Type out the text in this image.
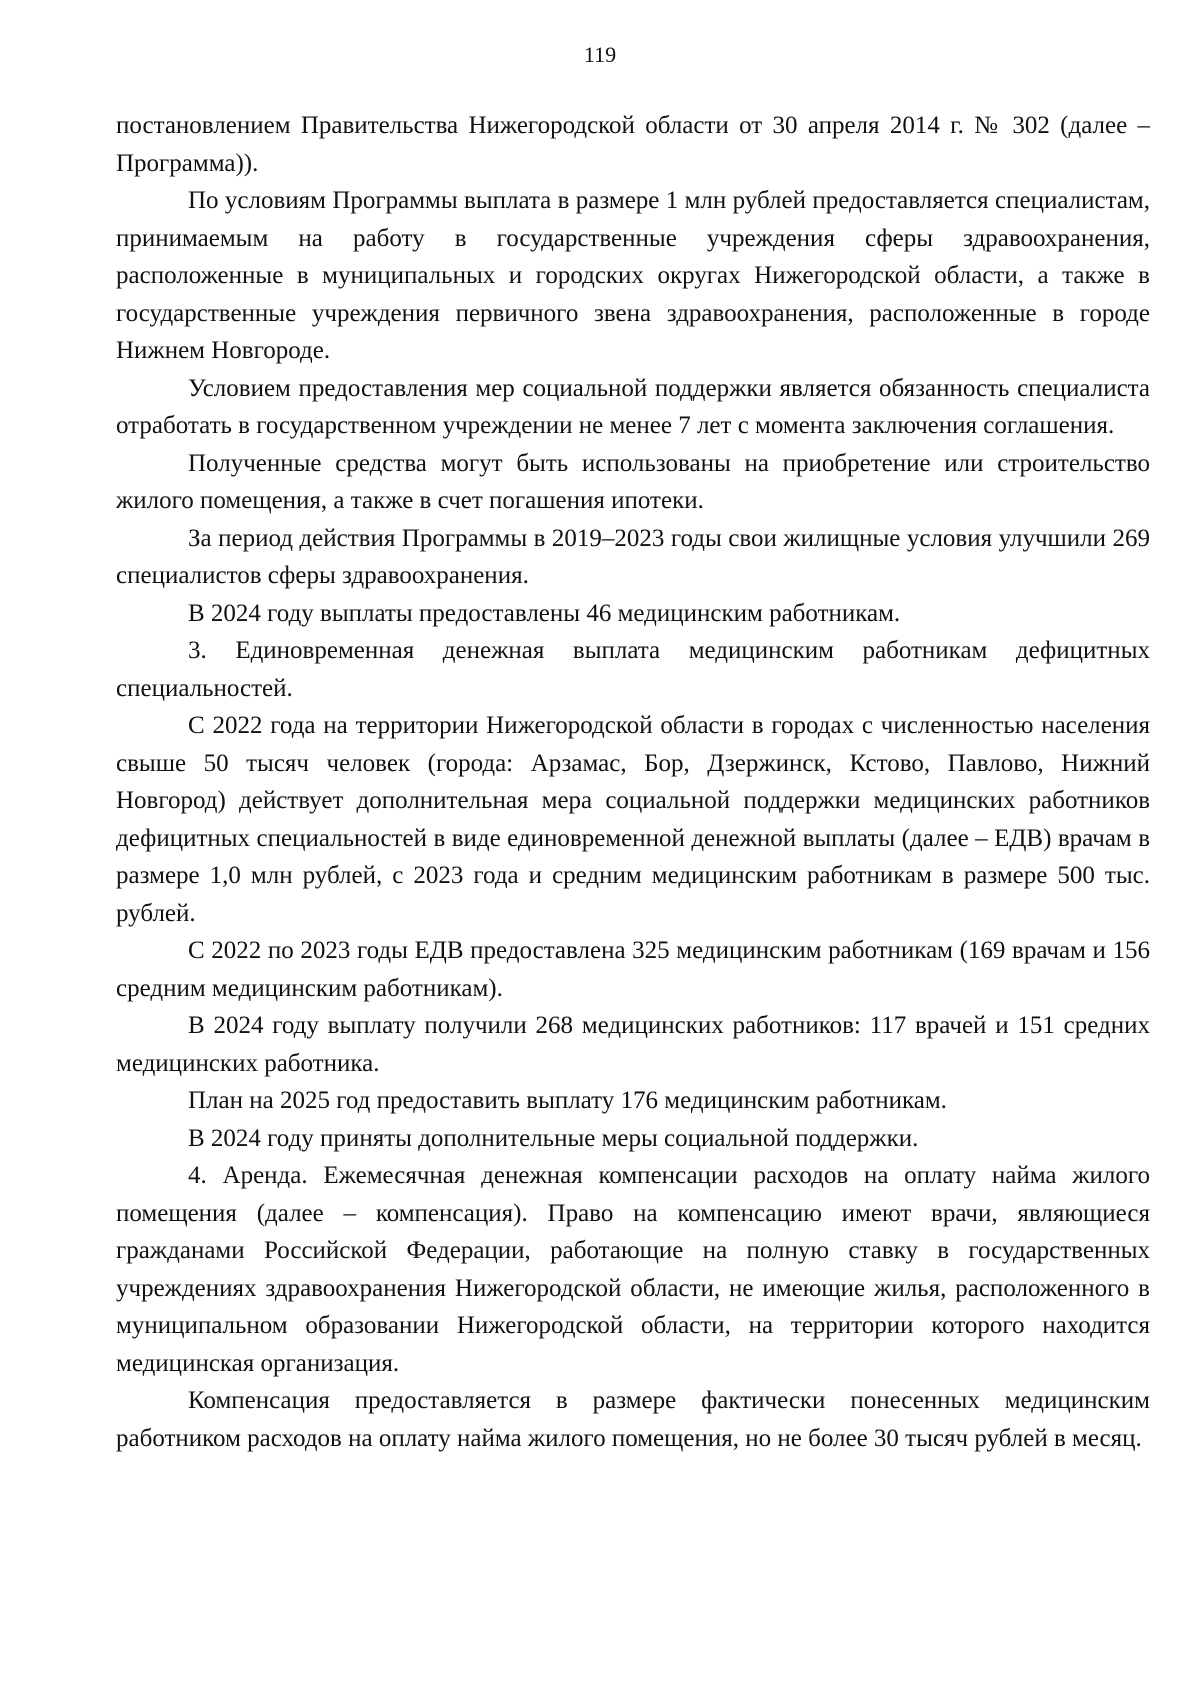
119

постановлением Правительства Нижегородской области от 30 апреля 2014 г. № 302 (далее – Программа)).

По условиям Программы выплата в размере 1 млн рублей предоставляется специалистам, принимаемым на работу в государственные учреждения сферы здравоохранения, расположенные в муниципальных и городских округах Нижегородской области, а также в государственные учреждения первичного звена здравоохранения, расположенные в городе Нижнем Новгороде.

Условием предоставления мер социальной поддержки является обязанность специалиста отработать в государственном учреждении не менее 7 лет с момента заключения соглашения.

Полученные средства могут быть использованы на приобретение или строительство жилого помещения, а также в счет погашения ипотеки.

За период действия Программы в 2019–2023 годы свои жилищные условия улучшили 269 специалистов сферы здравоохранения.

В 2024 году выплаты предоставлены 46 медицинским работникам.

3. Единовременная денежная выплата медицинским работникам дефицитных специальностей.

С 2022 года на территории Нижегородской области в городах с численностью населения свыше 50 тысяч человек (города: Арзамас, Бор, Дзержинск, Кстово, Павлово, Нижний Новгород) действует дополнительная мера социальной поддержки медицинских работников дефицитных специальностей в виде единовременной денежной выплаты (далее – ЕДВ) врачам в размере 1,0 млн рублей, с 2023 года и средним медицинским работникам в размере 500 тыс. рублей.

С 2022 по 2023 годы ЕДВ предоставлена 325 медицинским работникам (169 врачам и 156 средним медицинским работникам).

В 2024 году выплату получили 268 медицинских работников: 117 врачей и 151 средних медицинских работника.

План на 2025 год предоставить выплату 176 медицинским работникам.

В 2024 году приняты дополнительные меры социальной поддержки.

4. Аренда. Ежемесячная денежная компенсации расходов на оплату найма жилого помещения (далее – компенсация). Право на компенсацию имеют врачи, являющиеся гражданами Российской Федерации, работающие на полную ставку в государственных учреждениях здравоохранения Нижегородской области, не имеющие жилья, расположенного в муниципальном образовании Нижегородской области, на территории которого находится медицинская организация.

Компенсация предоставляется в размере фактически понесенных медицинским работником расходов на оплату найма жилого помещения, но не более 30 тысяч рублей в месяц.
